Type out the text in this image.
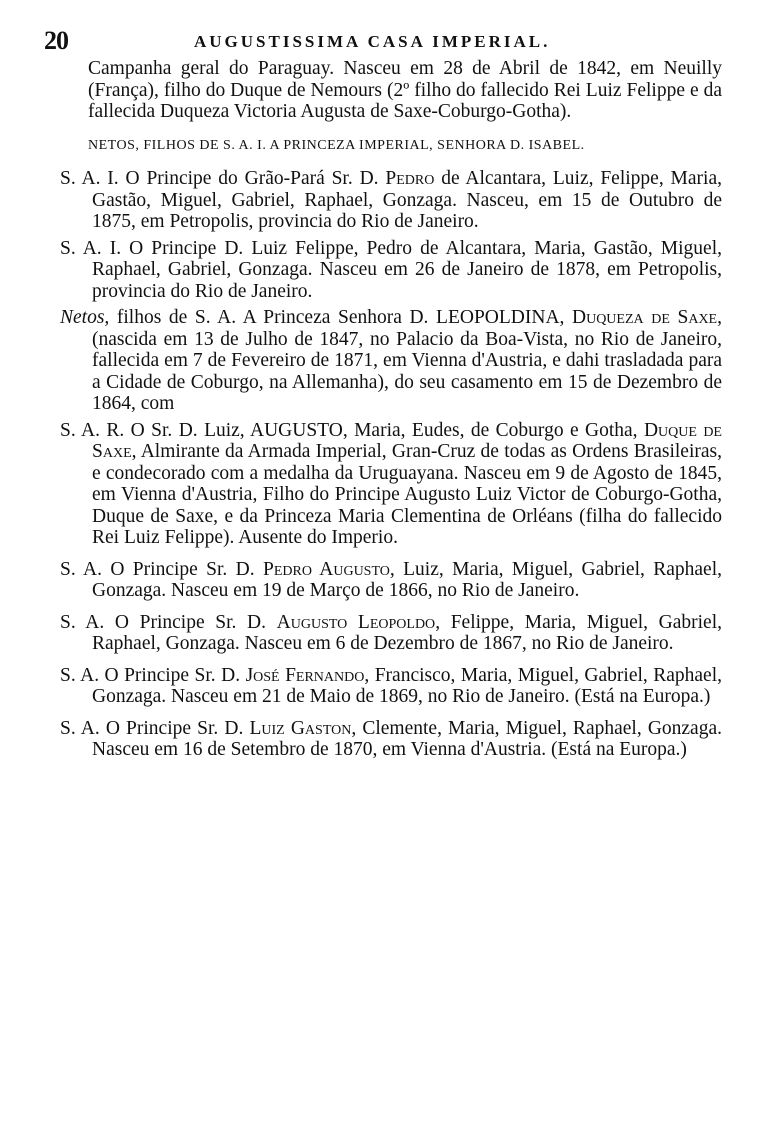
20	AUGUSTISSIMA CASA IMPERIAL.

Campanha geral do Paraguay. Nasceu em 28 de Abril de 1842, em Neuilly (França), filho do Duque de Nemours (2º filho do fallecido Rei Luiz Felippe e da fallecida Duqueza Victoria Augusta de Saxe-Coburgo-Gotha).

NETOS, FILHOS DE S. A. I. A PRINCEZA IMPERIAL, SENHORA D. ISABEL.

S. A. I. O Principe do Grão-Pará Sr. D. Pedro de Alcantara, Luiz, Felippe, Maria, Gastão, Miguel, Gabriel, Raphael, Gonzaga. Nasceu, em 15 de Outubro de 1875, em Petropolis, provincia do Rio de Janeiro.

S. A. I. O Principe D. Luiz Felippe, Pedro de Alcantara, Maria, Gastão, Miguel, Raphael, Gabriel, Gonzaga. Nasceu em 26 de Janeiro de 1878, em Petropolis, provincia do Rio de Janeiro.

Netos, filhos de S. A. A Princeza Senhora D. LEOPOLDINA, Duqueza de Saxe, (nascida em 13 de Julho de 1847, no Palacio da Boa-Vista, no Rio de Janeiro, fallecida em 7 de Fevereiro de 1871, em Vienna d'Austria, e dahi trasladada para a Cidade de Coburgo, na Allemanha), do seu casamento em 15 de Dezembro de 1864, com

S. A. R. O Sr. D. Luiz, AUGUSTO, Maria, Eudes, de Coburgo e Gotha, Duque de Saxe, Almirante da Armada Imperial, Gran-Cruz de todas as Ordens Brasileiras, e condecorado com a medalha da Uruguayana. Nasceu em 9 de Agosto de 1845, em Vienna d'Austria, Filho do Principe Augusto Luiz Victor de Coburgo-Gotha, Duque de Saxe, e da Princeza Maria Clementina de Orléans (filha do fallecido Rei Luiz Felippe). Ausente do Imperio.

S. A. O Principe Sr. D. Pedro Augusto, Luiz, Maria, Miguel, Gabriel, Raphael, Gonzaga. Nasceu em 19 de Março de 1866, no Rio de Janeiro.

S. A. O Principe Sr. D. Augusto Leopoldo, Felippe, Maria, Miguel, Gabriel, Raphael, Gonzaga. Nasceu em 6 de Dezembro de 1867, no Rio de Janeiro.

S. A. O Principe Sr. D. José Fernando, Francisco, Maria, Miguel, Gabriel, Raphael, Gonzaga. Nasceu em 21 de Maio de 1869, no Rio de Janeiro. (Está na Europa.)

S. A. O Principe Sr. D. Luiz Gaston, Clemente, Maria, Miguel, Raphael, Gonzaga. Nasceu em 16 de Setembro de 1870, em Vienna d'Austria. (Está na Europa.)
